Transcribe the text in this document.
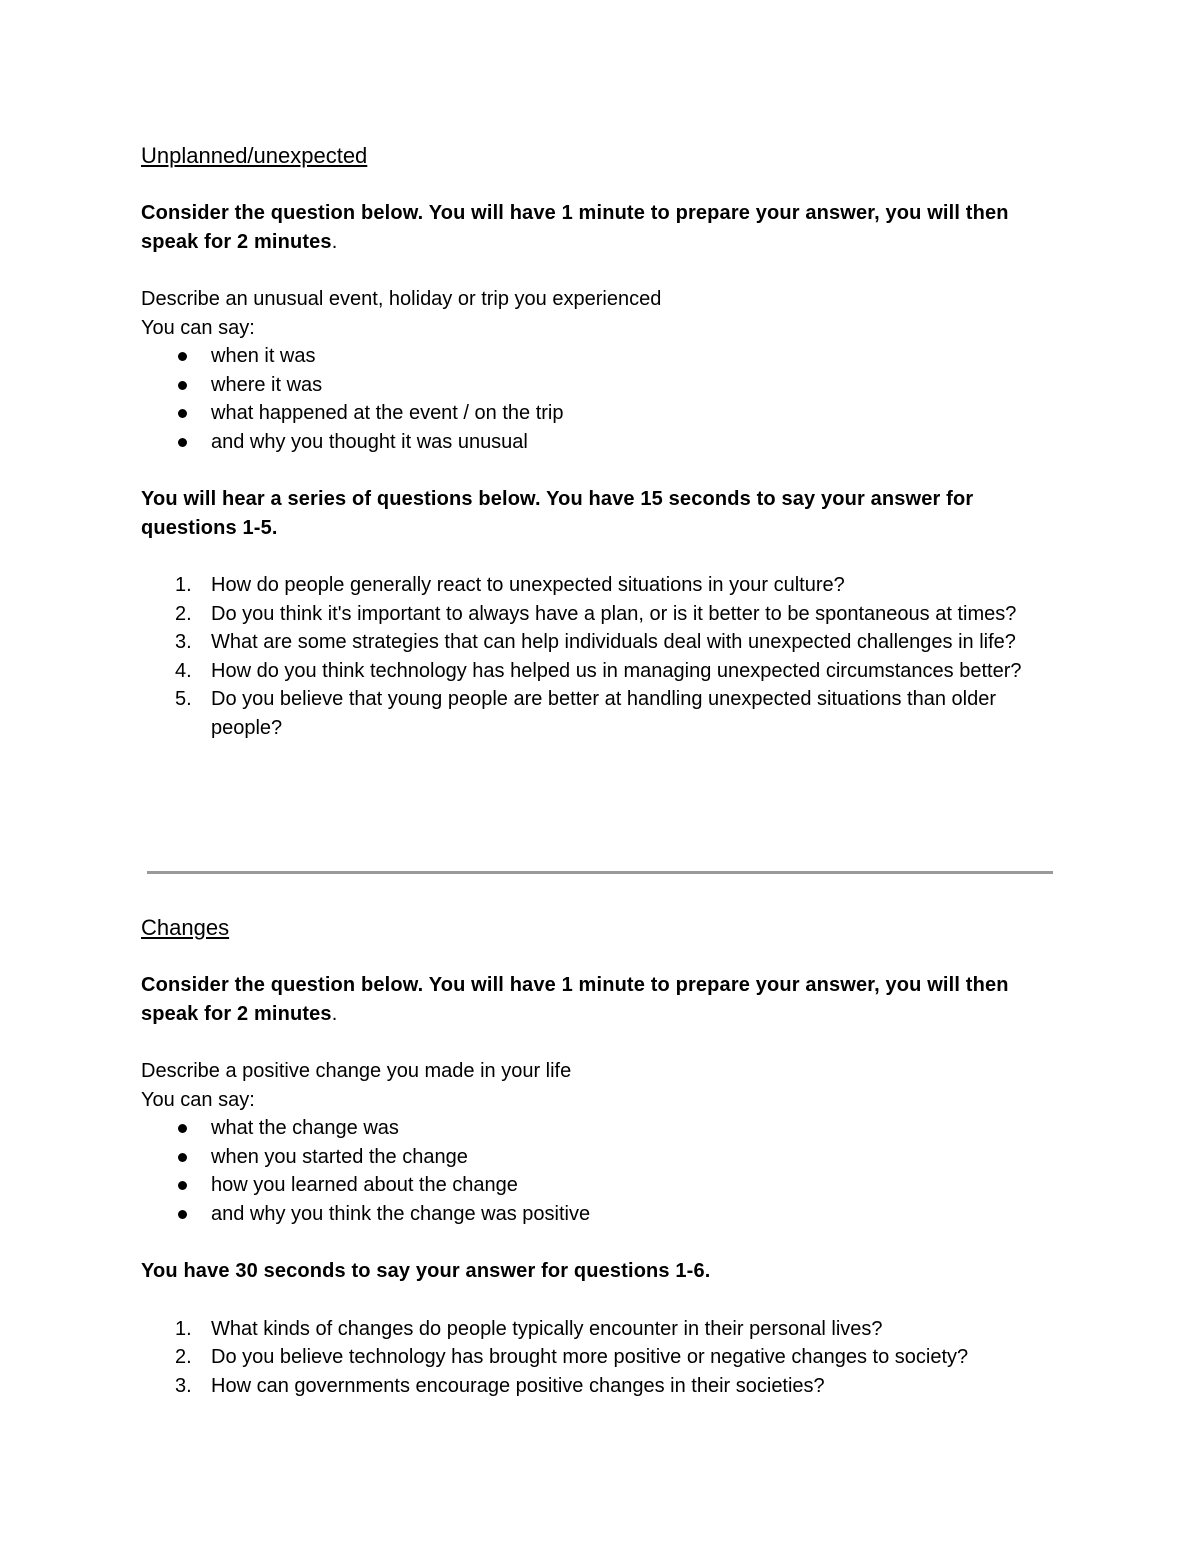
Unplanned/unexpected

Consider the question below. You will have 1 minute to prepare your answer, you will then speak for 2 minutes.

Describe an unusual event, holiday or trip you experienced

You can say:

when it was
where it was
what happened at the event / on the trip
and why you thought it was unusual

You will hear a series of questions below. You have 15 seconds to say your answer for questions 1-5.

1. How do people generally react to unexpected situations in your culture?
2. Do you think it's important to always have a plan, or is it better to be spontaneous at times?
3. What are some strategies that can help individuals deal with unexpected challenges in life?
4. How do you think technology has helped us in managing unexpected circumstances better?
5. Do you believe that young people are better at handling unexpected situations than older people?
Changes

Consider the question below. You will have 1 minute to prepare your answer, you will then speak for 2 minutes.

Describe a positive change you made in your life

You can say:

what the change was
when you started the change
how you learned about the change
and why you think the change was positive

You have 30 seconds to say your answer for questions 1-6.

1. What kinds of changes do people typically encounter in their personal lives?
2. Do you believe technology has brought more positive or negative changes to society?
3. How can governments encourage positive changes in their societies?
